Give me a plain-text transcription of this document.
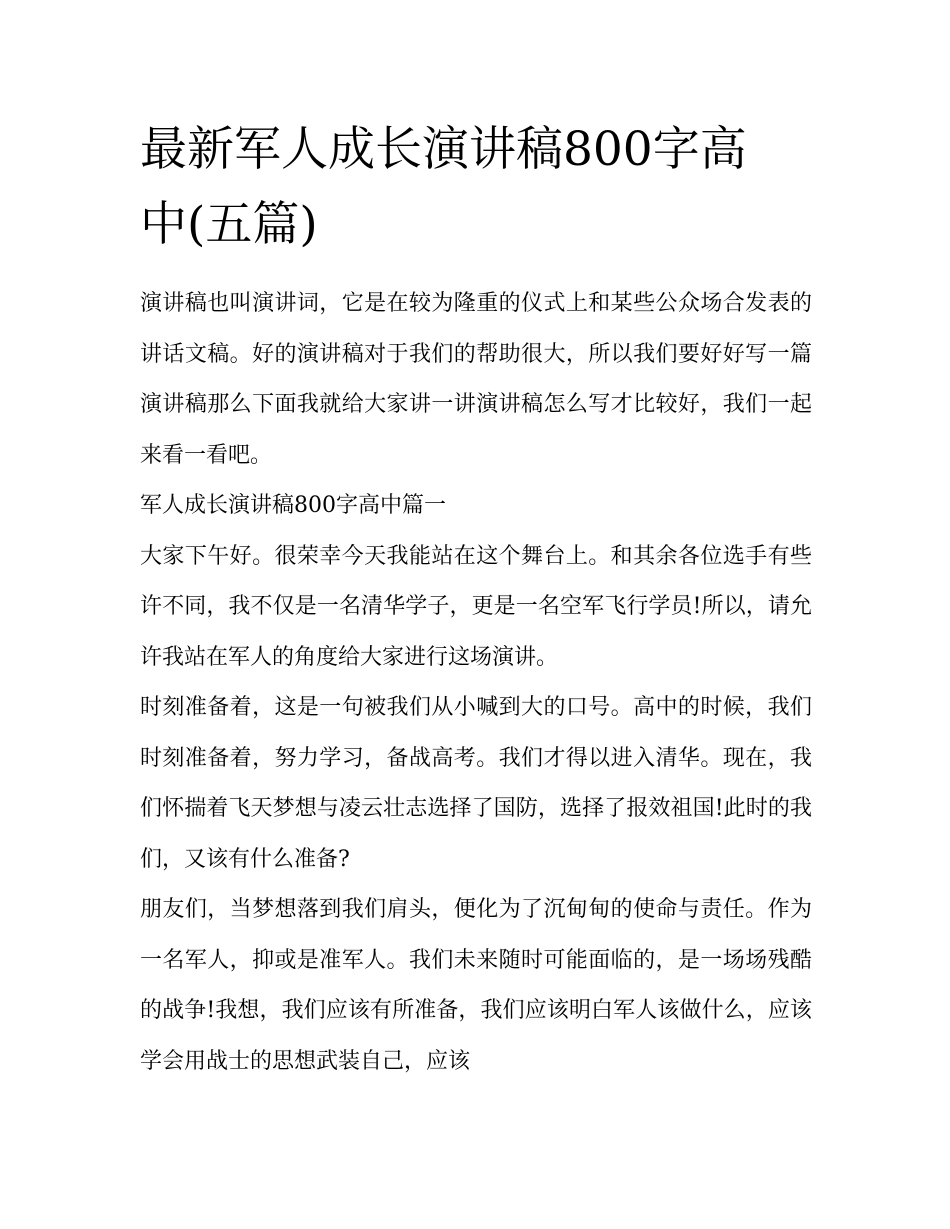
最新军人成长演讲稿800字高
中(五篇)

演讲稿也叫演讲词，它是在较为隆重的仪式上和某些公众场合发表的讲话文稿。好的演讲稿对于我们的帮助很大，所以我们要好好写一篇演讲稿那么下面我就给大家讲一讲演讲稿怎么写才比较好，我们一起来看一看吧。

军人成长演讲稿800字高中篇一

大家下午好。很荣幸今天我能站在这个舞台上。和其余各位选手有些许不同，我不仅是一名清华学子，更是一名空军飞行学员!所以，请允许我站在军人的角度给大家进行这场演讲。

时刻准备着，这是一句被我们从小喊到大的口号。高中的时候，我们时刻准备着，努力学习，备战高考。我们才得以进入清华。现在，我们怀揣着飞天梦想与凌云壮志选择了国防，选择了报效祖国!此时的我们，又该有什么准备?

朋友们，当梦想落到我们肩头，便化为了沉甸甸的使命与责任。作为一名军人，抑或是准军人。我们未来随时可能面临的，是一场场残酷的战争!我想，我们应该有所准备，我们应该明白军人该做什么，应该学会用战士的思想武装自己，应该
